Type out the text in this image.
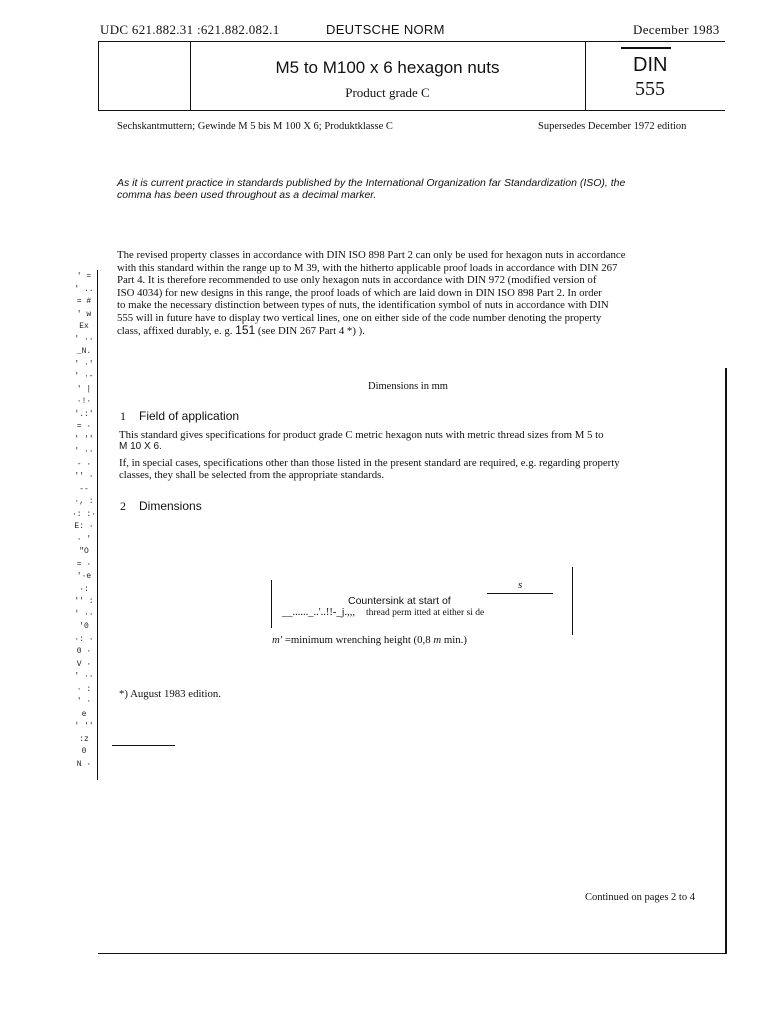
UDC 621.882.31 :621.882.082.1	DEUTSCHE NORM	December 1983
M5 to M100 x 6 hexagon nuts
Product grade C
DIN
555
Sechskantmuttern; Gewinde M 5 bis M 100 X 6; Produktklasse C	Supersedes December 1972 edition
As it is current practice in standards published by the International Organization far Standardization (ISO), the
comma has been used throughout as a decimal marker.
The revised property classes in accordance with DIN ISO 898 Part 2 can only be used for hexagon nuts in accordance
with this standard within the range up to M 39, with the hitherto applicable proof loads in accordance with DIN 267
Part 4. It is therefore recommended to use only hexagon nuts in accordance with DIN 972 (modified version of
ISO 4034) for new designs in this range, the proof loads of which are laid down in DIN ISO 898 Part 2. In order
to make the necessary distinction between types of nuts, the identification symbol of nuts in accordance with DIN
555 will in future have to display two vertical lines, one on either side of the code number denoting the property
class, affixed durably, e. g. 151 (see DIN 267 Part 4 *) ).
Dimensions in mm
1 Field of application
This standard gives specifications for product grade C metric hexagon nuts with metric thread sizes from M 5 to
M 10 X 6.
If, in special cases, specifications other than those listed in the present standard are required, e.g. regarding property
classes, they shall be selected from the appropriate standards.
2 Dimensions
s
Countersink at start of
__......_..'..!!-_j.,,, thread perm itted at either si de
m' =minimum wrenching height (0,8 m min.)
*) August 1983 edition.
Continued on pages 2 to 4
' =
' ..
= #
' w
Ex
' ··
_N.
' ·'
' ·-
' |
·!·
'.:'
= ·
' ''
' ··
- ·
'' ·
--
·, :
·: :·
E: ·
· '
"O
= ·
'·e
·:
'' :
' ··
'0
·: ·
0 ·
V ·
' ··
· :
' ·
e
' ''
:z
0
N ·
